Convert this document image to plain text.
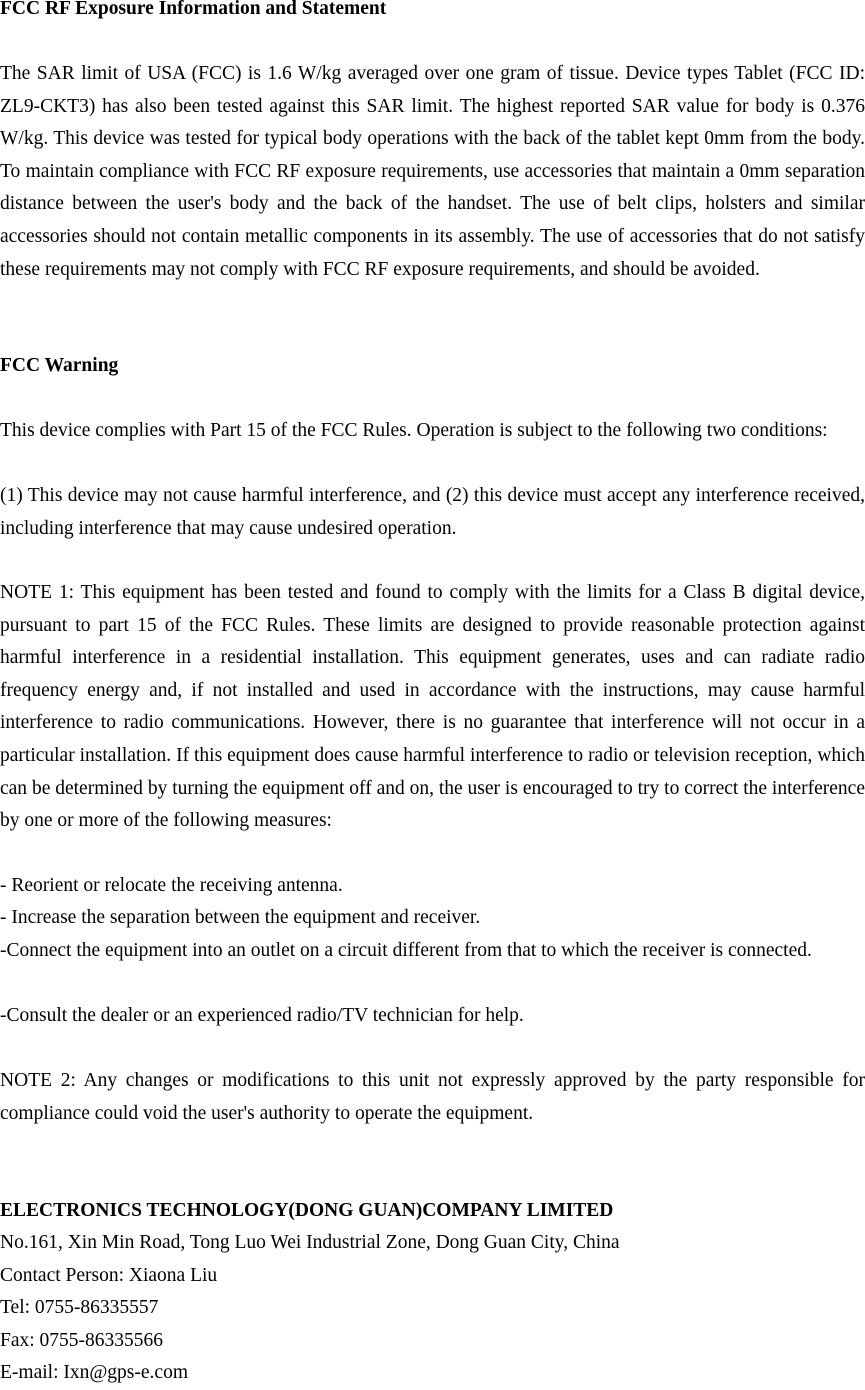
FCC RF Exposure Information and Statement

The SAR limit of USA (FCC) is 1.6 W/kg averaged over one gram of tissue. Device types Tablet (FCC ID: ZL9-CKT3) has also been tested against this SAR limit. The highest reported SAR value for body is 0.376 W/kg. This device was tested for typical body operations with the back of the tablet kept 0mm from the body. To maintain compliance with FCC RF exposure requirements, use accessories that maintain a 0mm separation distance between the user's body and the back of the handset. The use of belt clips, holsters and similar accessories should not contain metallic components in its assembly. The use of accessories that do not satisfy these requirements may not comply with FCC RF exposure requirements, and should be avoided.

FCC Warning

This device complies with Part 15 of the FCC Rules. Operation is subject to the following two conditions:

(1) This device may not cause harmful interference, and (2) this device must accept any interference received, including interference that may cause undesired operation.

NOTE 1: This equipment has been tested and found to comply with the limits for a Class B digital device, pursuant to part 15 of the FCC Rules. These limits are designed to provide reasonable protection against harmful interference in a residential installation. This equipment generates, uses and can radiate radio frequency energy and, if not installed and used in accordance with the instructions, may cause harmful interference to radio communications. However, there is no guarantee that interference will not occur in a particular installation. If this equipment does cause harmful interference to radio or television reception, which can be determined by turning the equipment off and on, the user is encouraged to try to correct the interference by one or more of the following measures:

- Reorient or relocate the receiving antenna.

- Increase the separation between the equipment and receiver.

-Connect the equipment into an outlet on a circuit different from that to which the receiver is connected.

-Consult the dealer or an experienced radio/TV technician for help.

NOTE 2: Any changes or modifications to this unit not expressly approved by the party responsible for compliance could void the user's authority to operate the equipment.

ELECTRONICS TECHNOLOGY(DONG GUAN)COMPANY LIMITED

No.161, Xin Min Road, Tong Luo Wei Industrial Zone, Dong Guan City, China

Contact Person: Xiaona Liu

Tel: 0755-86335557

Fax: 0755-86335566

E-mail: Ixn@gps-e.com
